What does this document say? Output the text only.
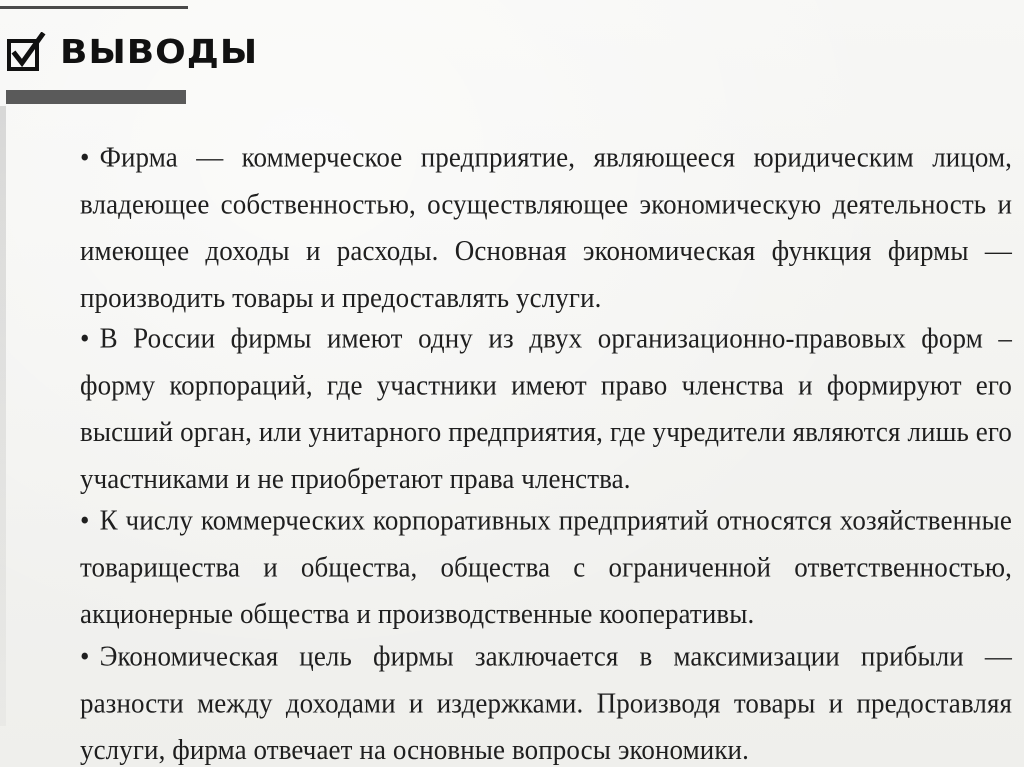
ВЫВОДЫ

• Фирма — коммерческое предприятие, являющееся юридическим лицом, владеющее собственностью, осуществляющее экономическую деятельность и имеющее доходы и расходы. Основная экономическая функция фирмы — производить товары и предоставлять услуги.

• В России фирмы имеют одну из двух организационно-правовых форм – форму корпораций, где участники имеют право членства и формируют его высший орган, или унитарного предприятия, где учредители являются лишь его участниками и не приобретают права членства.

• К числу коммерческих корпоративных предприятий относятся хозяйственные товарищества и общества, общества с ограниченной ответственностью, акционерные общества и производственные кооперативы.

• Экономическая цель фирмы заключается в максимизации прибыли — разности между доходами и издержками. Производя товары и предоставляя услуги, фирма отвечает на основные вопросы экономики.
